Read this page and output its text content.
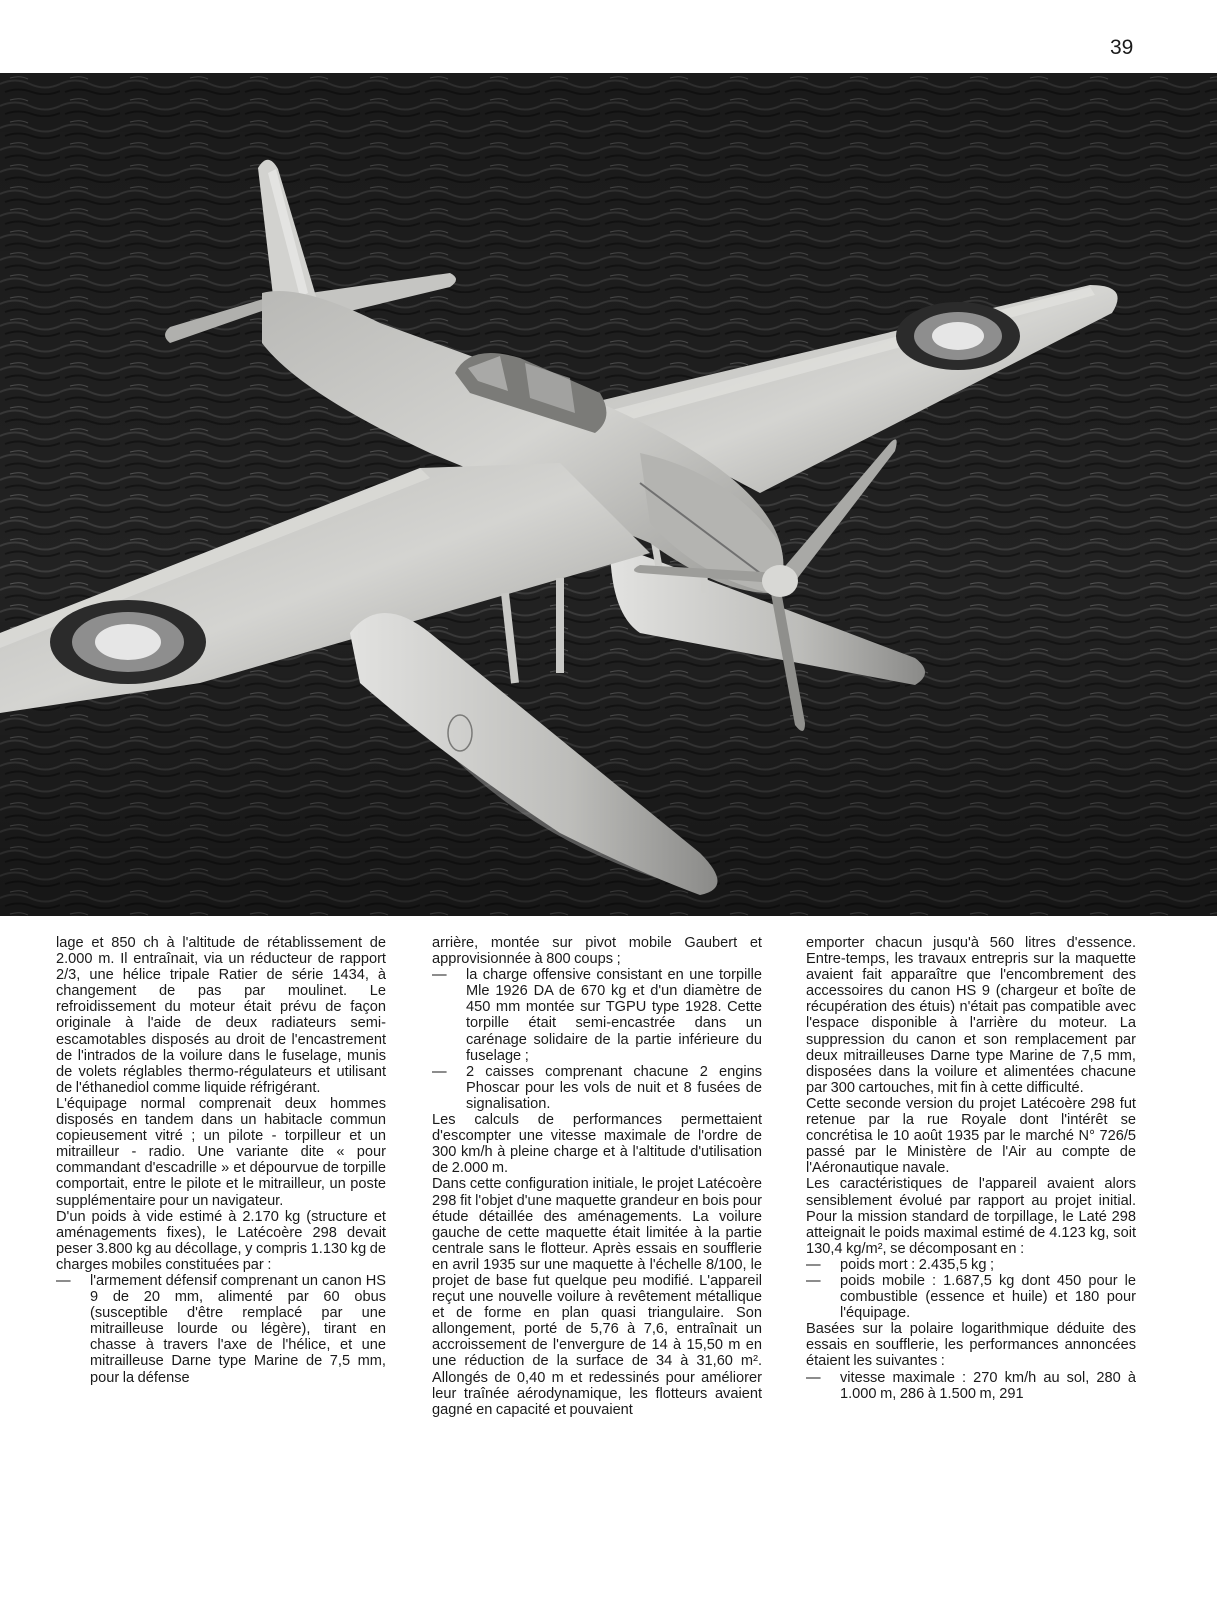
39

lage et 850 ch à l'altitude de rétablissement de 2.000 m. Il entraînait, via un réducteur de rapport 2/3, une hélice tripale Ratier de série 1434, à changement de pas par moulinet. Le refroidissement du moteur était prévu de façon originale à l'aide de deux radiateurs semi-escamotables disposés au droit de l'encastrement de l'intrados de la voilure dans le fuselage, munis de volets réglables thermo-régulateurs et utilisant de l'éthanediol comme liquide réfrigérant.

L'équipage normal comprenait deux hommes disposés en tandem dans un habitacle commun copieusement vitré ; un pilote - torpilleur et un mitrailleur - radio. Une variante dite « pour commandant d'escadrille » et dépourvue de torpille comportait, entre le pilote et le mitrailleur, un poste supplémentaire pour un navigateur.

D'un poids à vide estimé à 2.170 kg (structure et aménagements fixes), le Latécoère 298 devait peser 3.800 kg au décollage, y compris 1.130 kg de charges mobiles constituées par :

— l'armement défensif comprenant un canon HS 9 de 20 mm, alimenté par 60 obus (susceptible d'être remplacé par une mitrailleuse lourde ou légère), tirant en chasse à travers l'axe de l'hélice, et une mitrailleuse Darne type Marine de 7,5 mm, pour la défense

arrière, montée sur pivot mobile Gaubert et approvisionnée à 800 coups ;

— la charge offensive consistant en une torpille Mle 1926 DA de 670 kg et d'un diamètre de 450 mm montée sur TGPU type 1928. Cette torpille était semi-encastrée dans un carénage solidaire de la partie inférieure du fuselage ;
— 2 caisses comprenant chacune 2 engins Phoscar pour les vols de nuit et 8 fusées de signalisation.

Les calculs de performances permettaient d'escompter une vitesse maximale de l'ordre de 300 km/h à pleine charge et à l'altitude d'utilisation de 2.000 m.

Dans cette configuration initiale, le projet Latécoère 298 fit l'objet d'une maquette grandeur en bois pour étude détaillée des aménagements. La voilure gauche de cette maquette était limitée à la partie centrale sans le flotteur. Après essais en soufflerie en avril 1935 sur une maquette à l'échelle 8/100, le projet de base fut quelque peu modifié. L'appareil reçut une nouvelle voilure à revêtement métallique et de forme en plan quasi triangulaire. Son allongement, porté de 5,76 à 7,6, entraînait un accroissement de l'envergure de 14 à 15,50 m en une réduction de la surface de 34 à 31,60 m². Allongés de 0,40 m et redessinés pour améliorer leur traînée aérodynamique, les flotteurs avaient gagné en capacité et pouvaient

emporter chacun jusqu'à 560 litres d'essence. Entre-temps, les travaux entrepris sur la maquette avaient fait apparaître que l'encombrement des accessoires du canon HS 9 (chargeur et boîte de récupération des étuis) n'était pas compatible avec l'espace disponible à l'arrière du moteur. La suppression du canon et son remplacement par deux mitrailleuses Darne type Marine de 7,5 mm, disposées dans la voilure et alimentées chacune par 300 cartouches, mit fin à cette difficulté.

Cette seconde version du projet Latécoère 298 fut retenue par la rue Royale dont l'intérêt se concrétisa le 10 août 1935 par le marché N° 726/5 passé par le Ministère de l'Air au compte de l'Aéronautique navale.

Les caractéristiques de l'appareil avaient alors sensiblement évolué par rapport au projet initial. Pour la mission standard de torpillage, le Laté 298 atteignait le poids maximal estimé de 4.123 kg, soit 130,4 kg/m², se décomposant en :

— poids mort : 2.435,5 kg ;
— poids mobile : 1.687,5 kg dont 450 pour le combustible (essence et huile) et 180 pour l'équipage.

Basées sur la polaire logarithmique déduite des essais en soufflerie, les performances annoncées étaient les suivantes :

— vitesse maximale : 270 km/h au sol, 280 à 1.000 m, 286 à 1.500 m, 291
